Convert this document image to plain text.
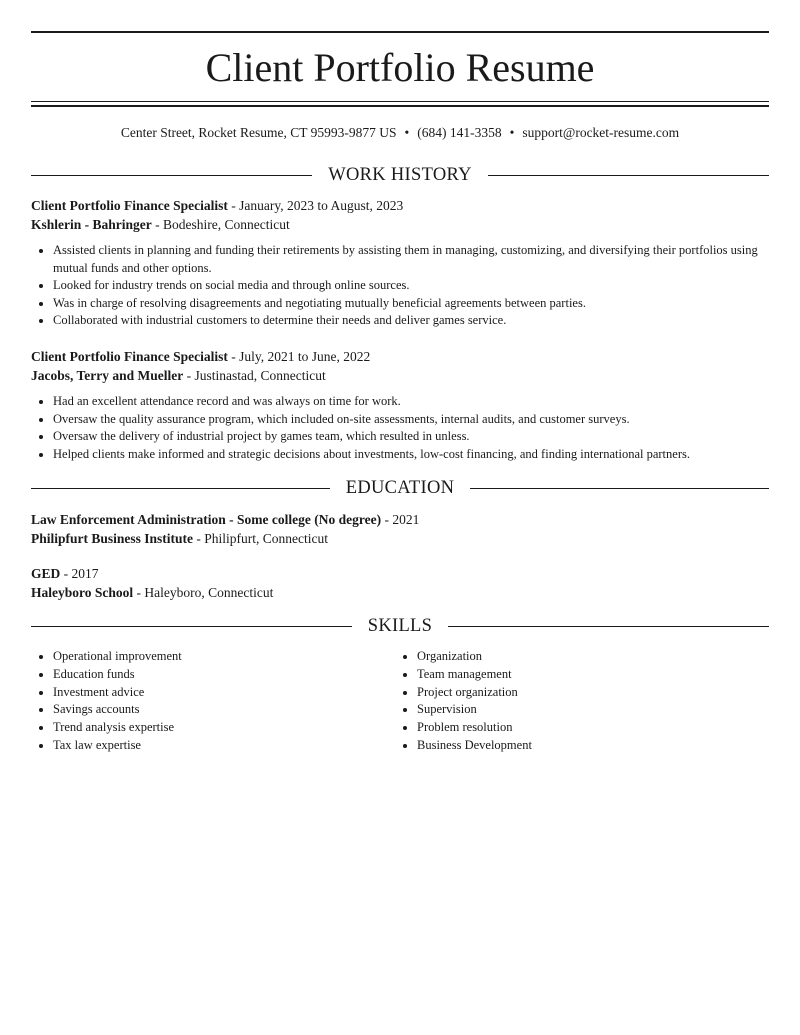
Client Portfolio Resume
Center Street, Rocket Resume, CT 95993-9877 US • (684) 141-3358 • support@rocket-resume.com
WORK HISTORY
Client Portfolio Finance Specialist - January, 2023 to August, 2023
Kshlerin - Bahringer - Bodeshire, Connecticut
• Assisted clients in planning and funding their retirements by assisting them in managing, customizing, and diversifying their portfolios using mutual funds and other options.
• Looked for industry trends on social media and through online sources.
• Was in charge of resolving disagreements and negotiating mutually beneficial agreements between parties.
• Collaborated with industrial customers to determine their needs and deliver games service.
Client Portfolio Finance Specialist - July, 2021 to June, 2022
Jacobs, Terry and Mueller - Justinastad, Connecticut
• Had an excellent attendance record and was always on time for work.
• Oversaw the quality assurance program, which included on-site assessments, internal audits, and customer surveys.
• Oversaw the delivery of industrial project by games team, which resulted in unless.
• Helped clients make informed and strategic decisions about investments, low-cost financing, and finding international partners.
EDUCATION
Law Enforcement Administration - Some college (No degree) - 2021
Philipfurt Business Institute - Philipfurt, Connecticut
GED - 2017
Haleyboro School - Haleyboro, Connecticut
SKILLS
• Operational improvement
• Education funds
• Investment advice
• Savings accounts
• Trend analysis expertise
• Tax law expertise
• Organization
• Team management
• Project organization
• Supervision
• Problem resolution
• Business Development
